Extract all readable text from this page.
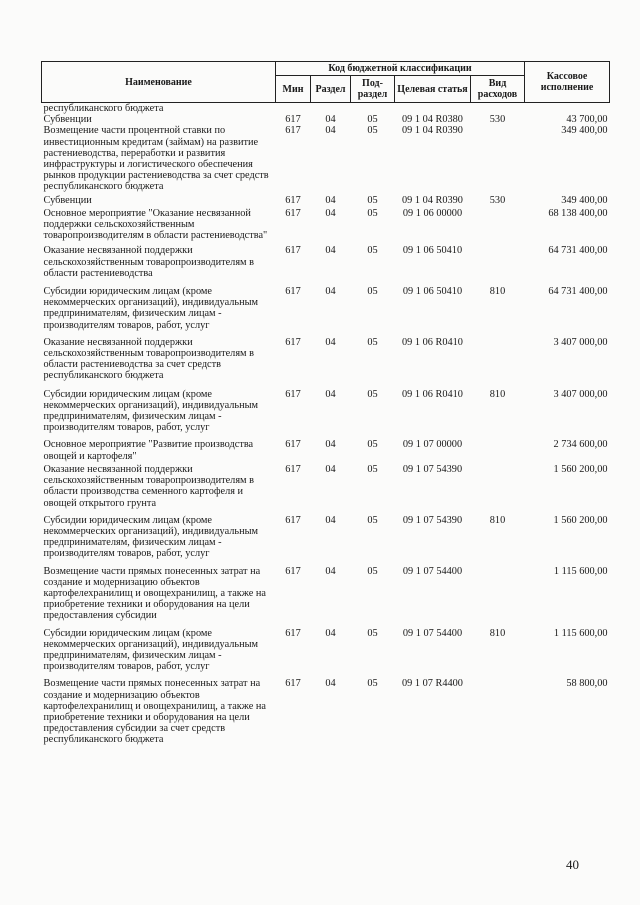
Наименование	Код бюджетной классификации					Кассовое исполнение
	Мин	Раздел	Под-раздел	Целевая статья	Вид расходов	
республиканского бюджета						
Субвенции	617	04	05	09 1 04 R0380	530	43 700,00
Возмещение части процентной ставки по инвестиционным кредитам (займам) на развитие растениеводства, переработки и развития инфраструктуры и логистического обеспечения рынков продукции растениеводства за счет средств республиканского бюджета	617	04	05	09 1 04 R0390		349 400,00
Субвенции	617	04	05	09 1 04 R0390	530	349 400,00
Основное мероприятие "Оказание несвязанной поддержки сельскохозяйственным товаропроизводителям в области растениеводства"	617	04	05	09 1 06 00000		68 138 400,00
Оказание несвязанной поддержки сельскохозяйственным товаропроизводителям в области растениеводства	617	04	05	09 1 06 50410		64 731 400,00
Субсидии юридическим лицам (кроме некоммерческих организаций), индивидуальным предпринимателям, физическим лицам - производителям товаров, работ, услуг	617	04	05	09 1 06 50410	810	64 731 400,00
Оказание несвязанной поддержки сельскохозяйственным товаропроизводителям в области растениеводства за счет средств республиканского бюджета	617	04	05	09 1 06 R0410		3 407 000,00
Субсидии юридическим лицам (кроме некоммерческих организаций), индивидуальным предпринимателям, физическим лицам - производителям товаров, работ, услуг	617	04	05	09 1 06 R0410	810	3 407 000,00
Основное мероприятие "Развитие производства овощей и картофеля"	617	04	05	09 1 07 00000		2 734 600,00
Оказание несвязанной поддержки сельскохозяйственным товаропроизводителям в области производства семенного картофеля и овощей открытого грунта	617	04	05	09 1 07 54390		1 560 200,00
Субсидии юридическим лицам (кроме некоммерческих организаций), индивидуальным предпринимателям, физическим лицам - производителям товаров, работ, услуг	617	04	05	09 1 07 54390	810	1 560 200,00
Возмещение части прямых понесенных затрат на создание и модернизацию объектов картофелехранилищ и овощехранилищ, а также на приобретение техники и оборудования на цели предоставления субсидии	617	04	05	09 1 07 54400		1 115 600,00
Субсидии юридическим лицам (кроме некоммерческих организаций), индивидуальным предпринимателям, физическим лицам - производителям товаров, работ, услуг	617	04	05	09 1 07 54400	810	1 115 600,00
Возмещение части прямых понесенных затрат на создание и модернизацию объектов картофелехранилищ и овощехранилищ, а также на приобретение техники и оборудования на цели предоставления субсидии за счет средств республиканского бюджета	617	04	05	09 1 07 R4400		58 800,00
40
